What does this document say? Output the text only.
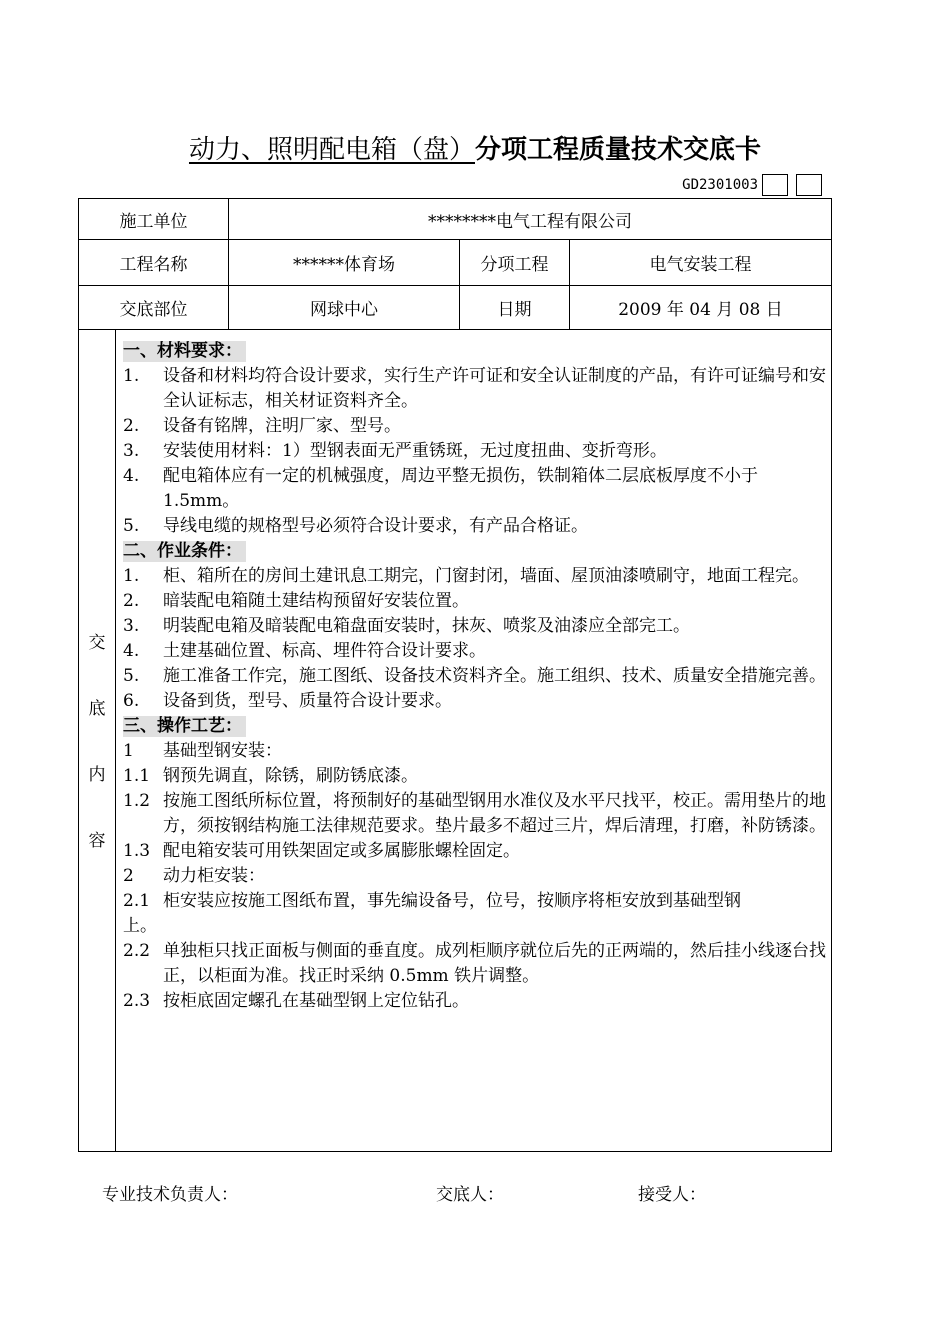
动力、照明配电箱（盘）分项工程质量技术交底卡
GD2301003
施工单位	********电气工程有限公司
工程名称	******体育场	分项工程	电气安装工程
交底部位	网球中心	日期	2009 年 04 月 08 日
交
底
内
容
一、材料要求：
1.	设备和材料均符合设计要求，实行生产许可证和安全认证制度的产品，有许可证编号和安全认证标志，相关材证资料齐全。
2.	设备有铭牌，注明厂家、型号。
3.	安装使用材料：1）型钢表面无严重锈斑，无过度扭曲、变折弯形。
4.	配电箱体应有一定的机械强度，周边平整无损伤，铁制箱体二层底板厚度不小于
1.5mm。
5.	导线电缆的规格型号必须符合设计要求，有产品合格证。
二、作业条件：
1.	柜、箱所在的房间土建讯息工期完，门窗封闭，墙面、屋顶油漆喷刷守，地面工程完。
2.	暗装配电箱随土建结构预留好安装位置。
3.	明装配电箱及暗装配电箱盘面安装时，抹灰、喷浆及油漆应全部完工。
4.	土建基础位置、标高、埋件符合设计要求。
5.	施工准备工作完，施工图纸、设备技术资料齐全。施工组织、技术、质量安全措施完善。
6.	设备到货，型号、质量符合设计要求。
三、操作工艺：
1	基础型钢安装：
1.1 钢预先调直，除锈，刷防锈底漆。
1.2 按施工图纸所标位置，将预制好的基础型钢用水准仪及水平尺找平，校正。需用垫片的地方，须按钢结构施工法律规范要求。垫片最多不超过三片，焊后清理，打磨，补防锈漆。
1.3 配电箱安装可用铁架固定或多属膨胀螺栓固定。
2	动力柜安装：
2.1 柜安装应按施工图纸布置，事先编设备号，位号，按顺序将柜安放到基础型钢
上。
2.2 单独柜只找正面板与侧面的垂直度。成列柜顺序就位后先的正两端的，然后挂小线逐台找正，以柜面为准。找正时采纳 0.5mm 铁片调整。
2.3 按柜底固定螺孔在基础型钢上定位钻孔。
专业技术负责人：	交底人：	接受人：
